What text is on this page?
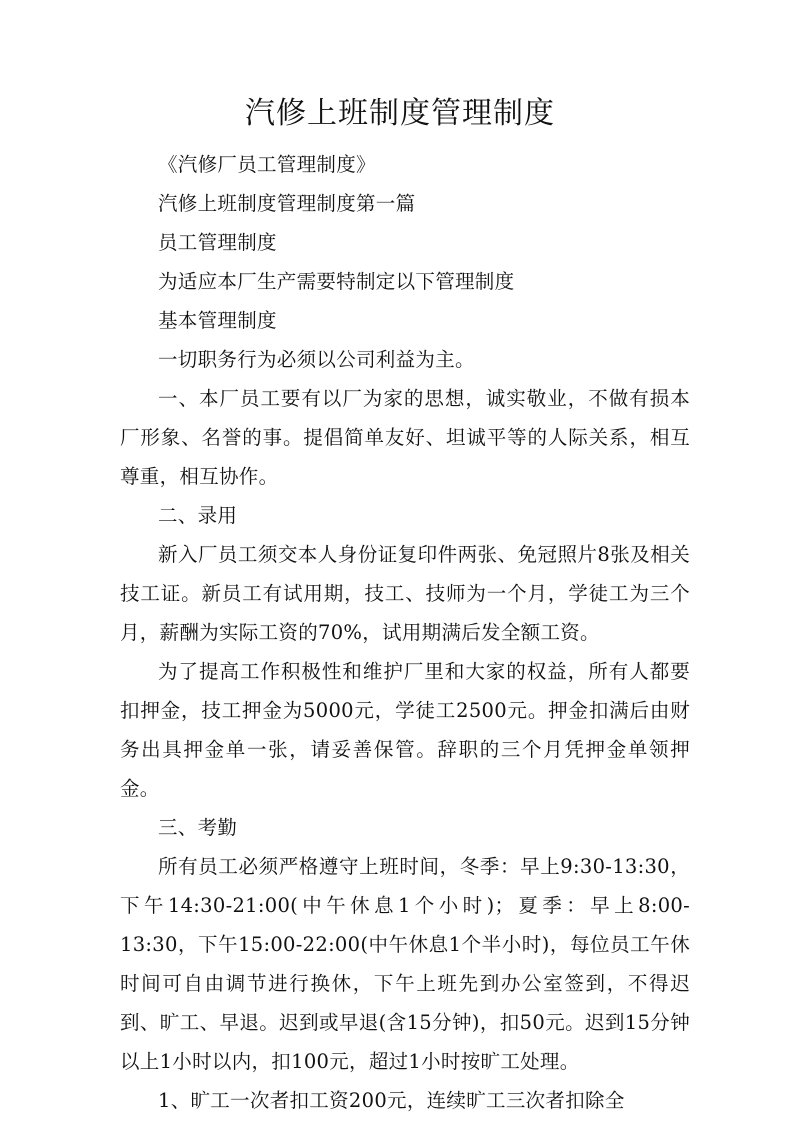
汽修上班制度管理制度
《汽修厂员工管理制度》
汽修上班制度管理制度第一篇
员工管理制度
为适应本厂生产需要特制定以下管理制度
基本管理制度
一切职务行为必须以公司利益为主。

一、本厂员工要有以厂为家的思想，诚实敬业，不做有损本厂形象、名誉的事。提倡简单友好、坦诚平等的人际关系，相互尊重，相互协作。

二、录用

新入厂员工须交本人身份证复印件两张、免冠照片8张及相关技工证。新员工有试用期，技工、技师为一个月，学徒工为三个月，薪酬为实际工资的70%，试用期满后发全额工资。

为了提高工作积极性和维护厂里和大家的权益，所有人都要扣押金，技工押金为5000元，学徒工2500元。押金扣满后由财务出具押金单一张，请妥善保管。辞职的三个月凭押金单领押金。

三、考勤

所有员工必须严格遵守上班时间，冬季：早上9:30-13:30，下午14:30-21:00(中午休息1个小时)；夏季：早上8:00-13:30，下午15:00-22:00(中午休息1个半小时)，每位员工午休时间可自由调节进行换休，下午上班先到办公室签到，不得迟到、旷工、早退。迟到或早退(含15分钟)，扣50元。迟到15分钟以上1小时以内，扣100元，超过1小时按旷工处理。

1、旷工一次者扣工资200元，连续旷工三次者扣除全
